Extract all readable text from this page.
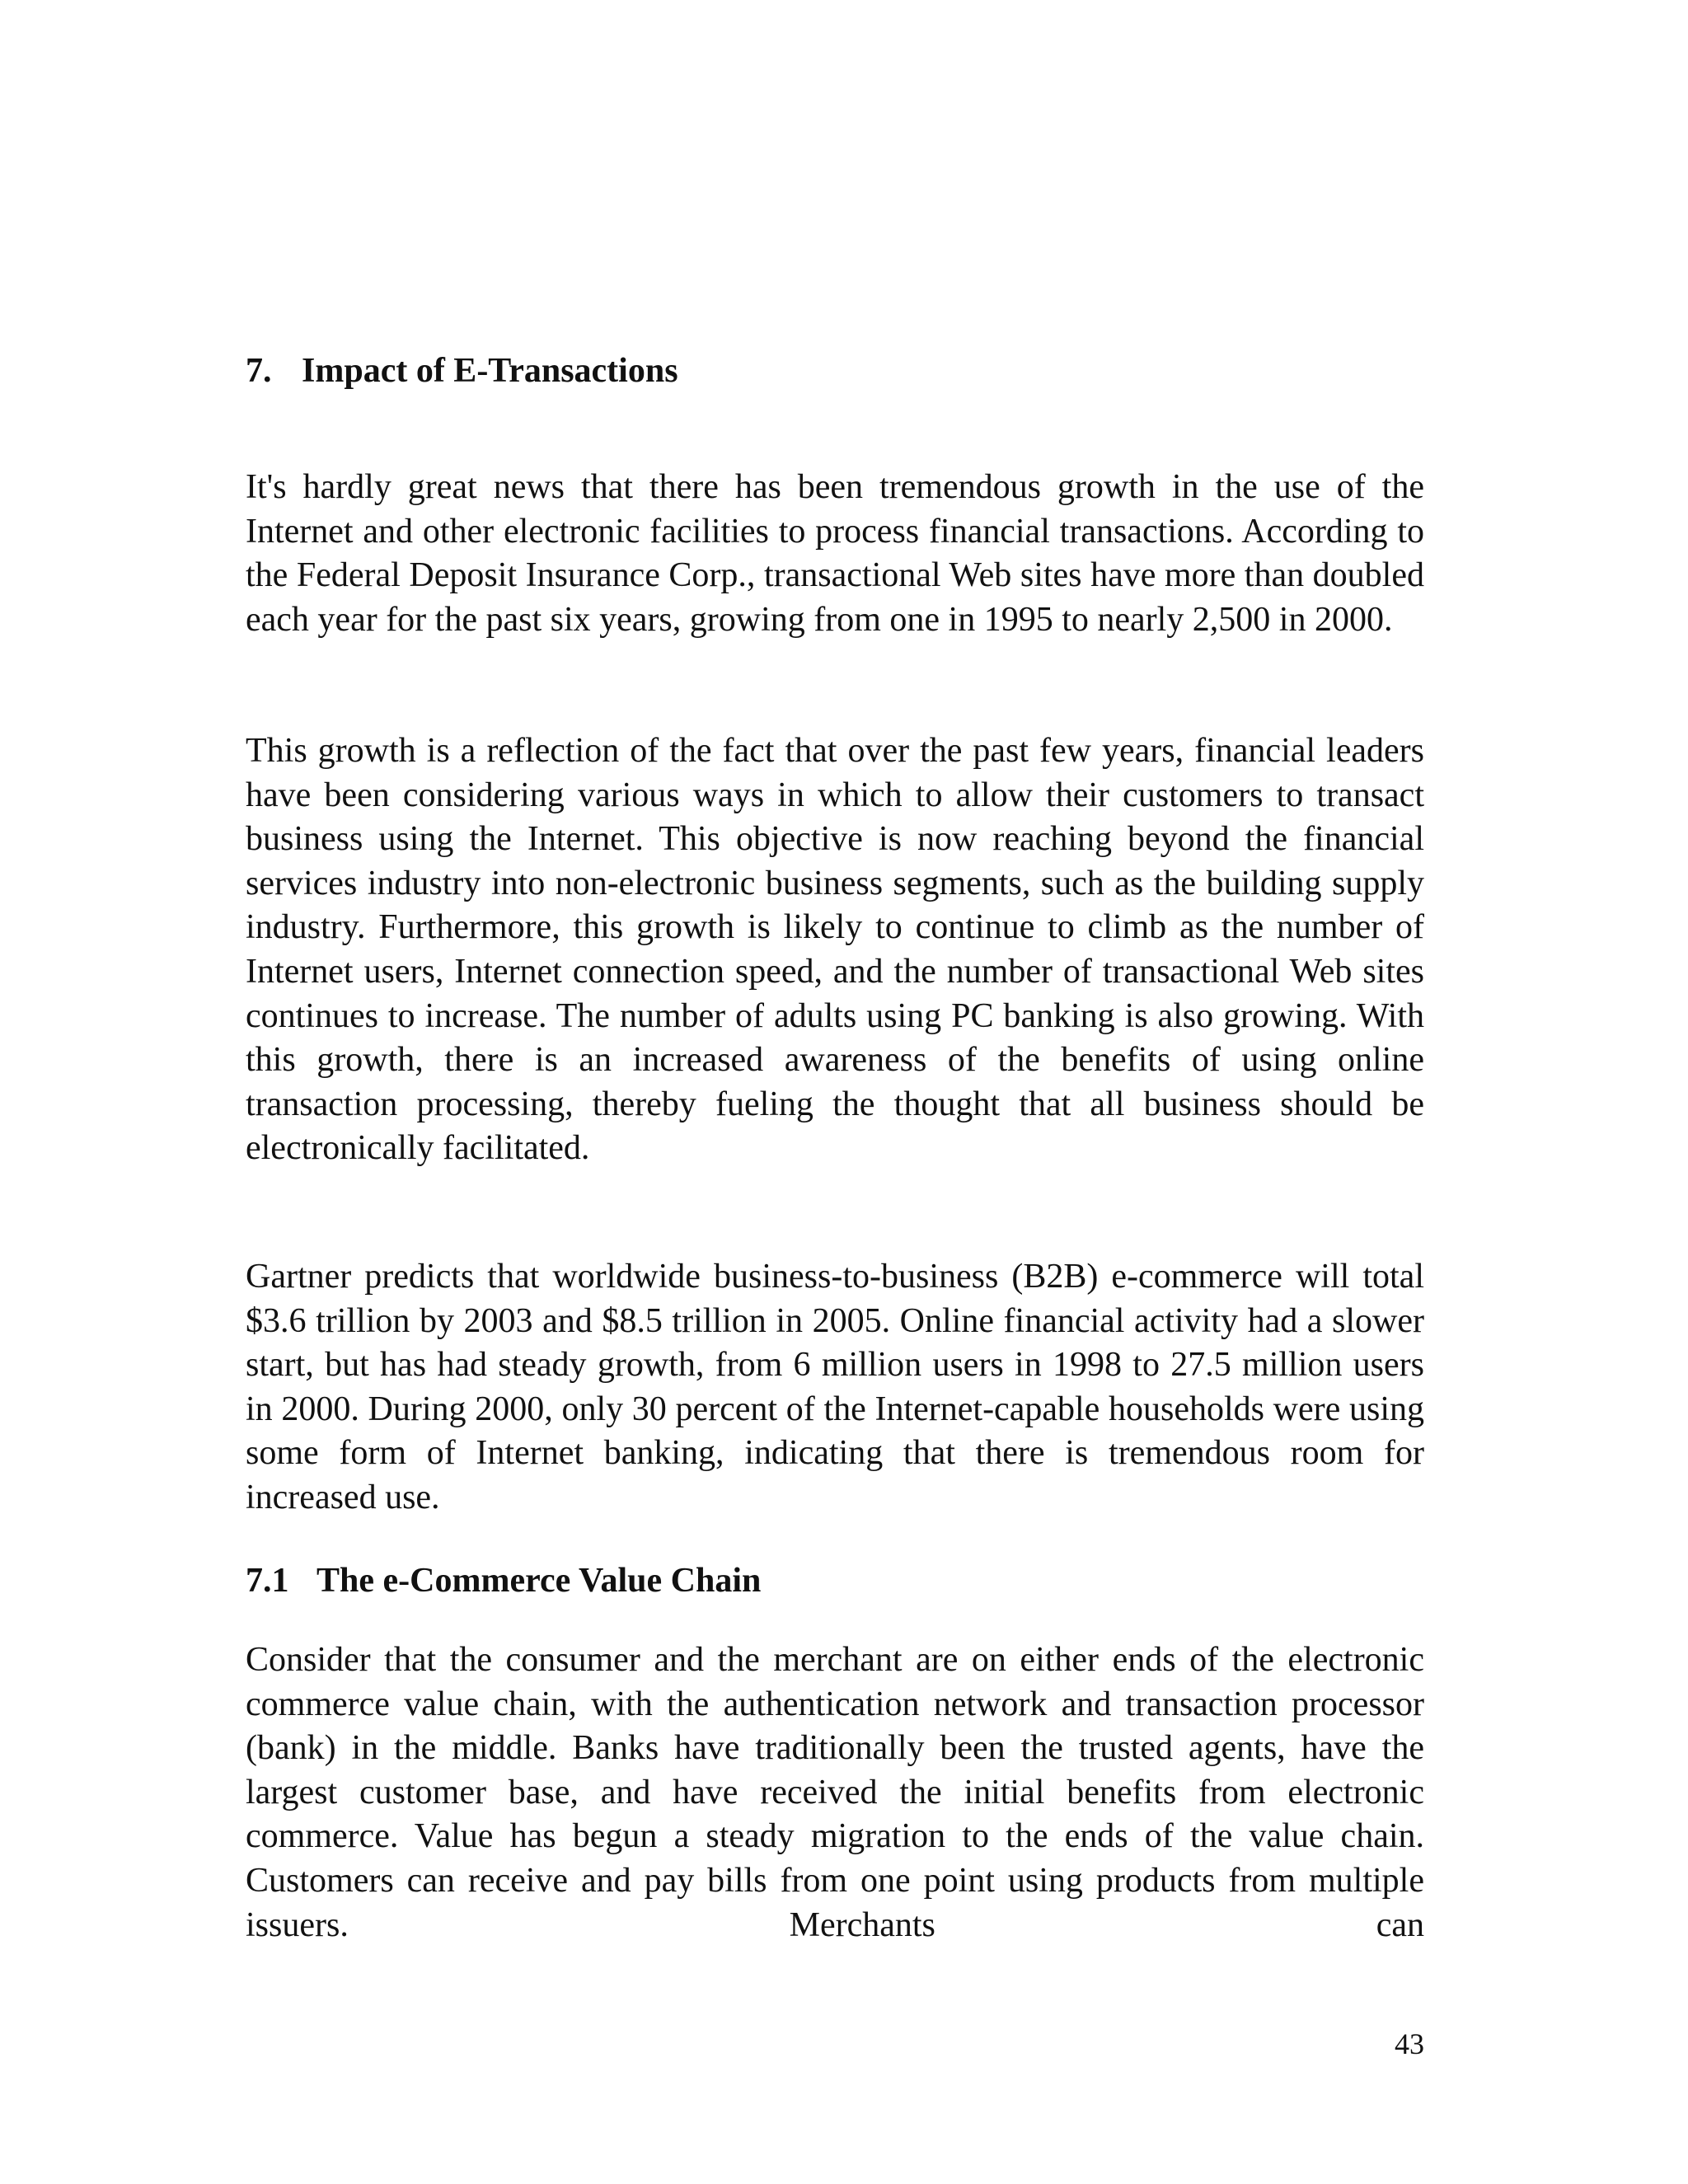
7. Impact of E-Transactions

It's hardly great news that there has been tremendous growth in the use of the Internet and other electronic facilities to process financial transactions. According to the Federal Deposit Insurance Corp., transactional Web sites have more than doubled each year for the past six years, growing from one in 1995 to nearly 2,500 in 2000.

This growth is a reflection of the fact that over the past few years, financial leaders have been considering various ways in which to allow their customers to transact business using the Internet. This objective is now reaching beyond the financial services industry into non-electronic business segments, such as the building supply industry. Furthermore, this growth is likely to continue to climb as the number of Internet users, Internet connection speed, and the number of transactional Web sites continues to increase. The number of adults using PC banking is also growing. With this growth, there is an increased awareness of the benefits of using online transaction processing, thereby fueling the thought that all business should be electronically facilitated.

Gartner predicts that worldwide business-to-business (B2B) e-commerce will total $3.6 trillion by 2003 and $8.5 trillion in 2005. Online financial activity had a slower start, but has had steady growth, from 6 million users in 1998 to 27.5 million users in 2000. During 2000, only 30 percent of the Internet-capable households were using some form of Internet banking, indicating that there is tremendous room for increased use.

7.1 The e-Commerce Value Chain

Consider that the consumer and the merchant are on either ends of the electronic commerce value chain, with the authentication network and transaction processor (bank) in the middle. Banks have traditionally been the trusted agents, have the largest customer base, and have received the initial benefits from electronic commerce. Value has begun a steady migration to the ends of the value chain. Customers can receive and pay bills from one point using products from multiple issuers. Merchants can

43
